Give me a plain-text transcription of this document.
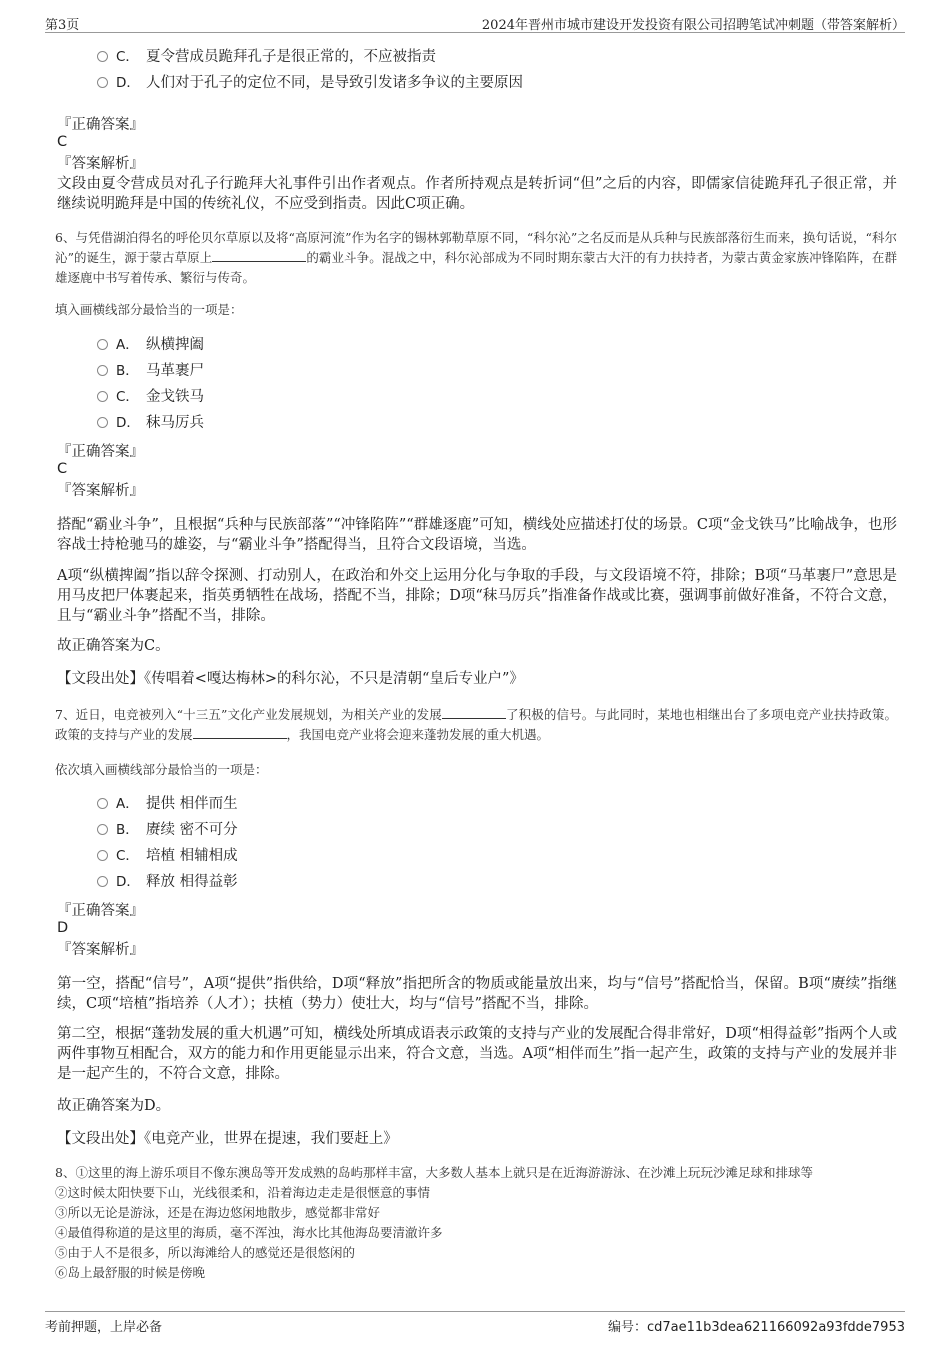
第3页	2024年晋州市城市建设开发投资有限公司招聘笔试冲刺题（带答案解析）
C． 夏令营成员跪拜孔子是很正常的，不应被指责
D． 人们对于孔子的定位不同，是导致引发诸多争议的主要原因
『正确答案』
C
『答案解析』
文段由夏令营成员对孔子行跪拜大礼事件引出作者观点。作者所持观点是转折词“但”之后的内容，即儒家信徒跪拜孔子很正常，并继续说明跪拜是中国的传统礼仪，不应受到指责。因此C项正确。
6、与凭借湖泊得名的呼伦贝尔草原以及将“高原河流”作为名字的锡林郭勒草原不同，“科尔沁”之名反而是从兵种与民族部落衍生而来，换句话说，“科尔沁”的诞生，源于蒙古草原上	的霸业斗争。混战之中，科尔沁部成为不同时期东蒙古大汗的有力扶持者，为蒙古黄金家族冲锋陷阵，在群雄逐鹿中书写着传承、繁衍与传奇。
填入画横线部分最恰当的一项是：
A． 纵横捭阖
B． 马革裹尸
C． 金戈铁马
D． 秣马厉兵
『正确答案』
C
『答案解析』
搭配“霸业斗争”，且根据“兵种与民族部落”“冲锋陷阵”“群雄逐鹿”可知，横线处应描述打仗的场景。C项“金戈铁马”比喻战争，也形容战士持枪驰马的雄姿，与“霸业斗争”搭配得当，且符合文段语境，当选。
A项“纵横捭阖”指以辞令探测、打动别人，在政治和外交上运用分化与争取的手段，与文段语境不符，排除；B项“马革裹尸”意思是用马皮把尸体裹起来，指英勇牺牲在战场，搭配不当，排除；D项“秣马厉兵”指准备作战或比赛，强调事前做好准备，不符合文意，且与“霸业斗争”搭配不当，排除。
故正确答案为C。
【文段出处】《传唱着<嘎达梅林>的科尔沁，不只是清朝“皇后专业户”》
7、近日，电竞被列入“十三五”文化产业发展规划，为相关产业的发展	了积极的信号。与此同时，某地也相继出台了多项电竞产业扶持政策。政策的支持与产业的发展	，我国电竞产业将会迎来蓬勃发展的重大机遇。
依次填入画横线部分最恰当的一项是：
A． 提供 相伴而生
B． 赓续 密不可分
C． 培植 相辅相成
D． 释放 相得益彰
『正确答案』
D
『答案解析』
第一空，搭配“信号”，A项“提供”指供给，D项“释放”指把所含的物质或能量放出来，均与“信号”搭配恰当，保留。B项“赓续”指继续，C项“培植”指培养（人才）；扶植（势力）使壮大，均与“信号”搭配不当，排除。
第二空，根据“蓬勃发展的重大机遇”可知，横线处所填成语表示政策的支持与产业的发展配合得非常好，D项“相得益彰”指两个人或两件事物互相配合，双方的能力和作用更能显示出来，符合文意，当选。A项“相伴而生”指一起产生，政策的支持与产业的发展并非是一起产生的，不符合文意，排除。
故正确答案为D。
【文段出处】《电竞产业，世界在提速，我们要赶上》
8、①这里的海上游乐项目不像东澳岛等开发成熟的岛屿那样丰富，大多数人基本上就只是在近海游游泳、在沙滩上玩玩沙滩足球和排球等
②这时候太阳快要下山，光线很柔和，沿着海边走走是很惬意的事情
③所以无论是游泳，还是在海边悠闲地散步，感觉都非常好
④最值得称道的是这里的海质，毫不浑浊，海水比其他海岛要清澈许多
⑤由于人不是很多，所以海滩给人的感觉还是很悠闲的
⑥岛上最舒服的时候是傍晚
考前押题，上岸必备	编号：cd7ae11b3dea621166092a93fdde7953
